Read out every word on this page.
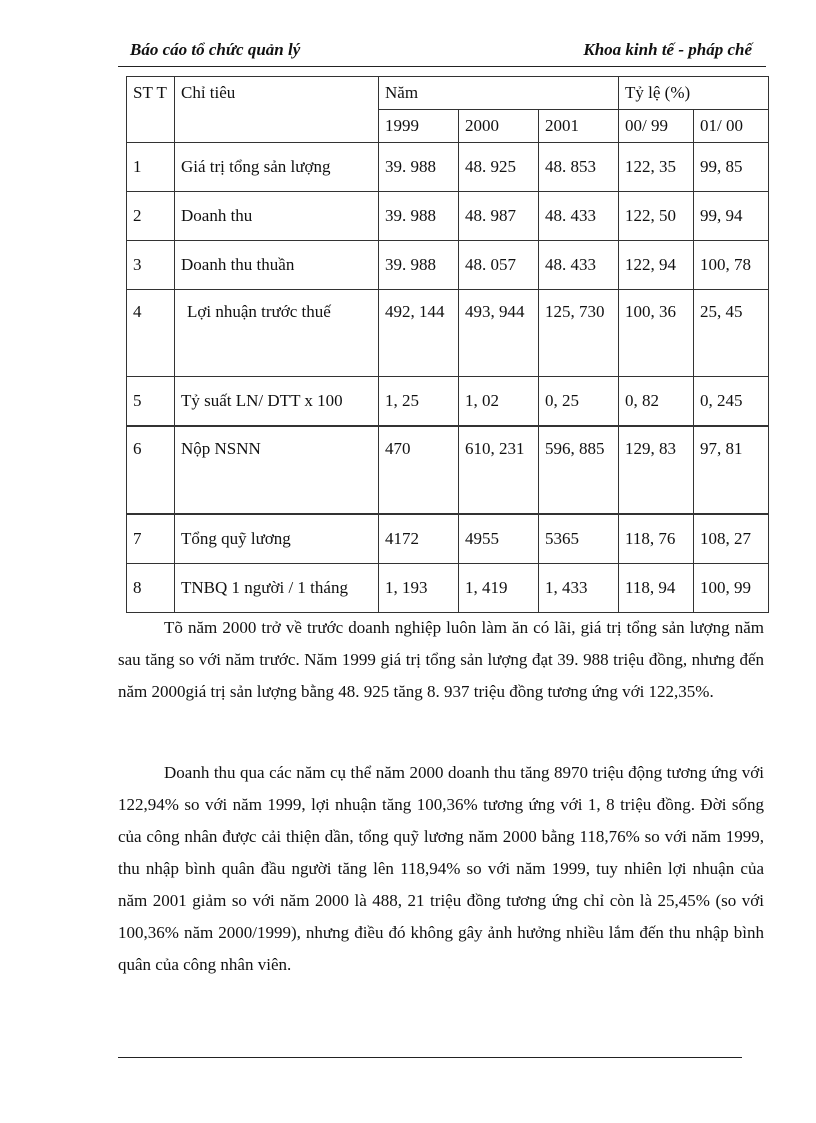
Báo cáo tổ chức quản lý	Khoa kinh tế - pháp chế
ST T	Chỉ tiêu	Năm			Tỷ lệ (%)	
		1999	2000	2001	00/ 99	01/ 00
1	Giá trị tổng sản lượng	39. 988	48. 925	48. 853	122, 35	99, 85
2	Doanh thu	39. 988	48. 987	48. 433	122, 50	99, 94
3	Doanh thu thuần	39. 988	48. 057	48. 433	122, 94	100, 78
4	Lợi nhuận trước thuế	492, 144	493, 944	125, 730	100, 36	25, 45
5	Tỷ suất LN/ DTT x 100	1, 25	1, 02	0, 25	0, 82	0, 245
6	Nộp NSNN	470	610, 231	596, 885	129, 83	97, 81
7	Tổng quỹ lương	4172	4955	5365	118, 76	108, 27
8	TNBQ 1 người / 1 tháng	1, 193	1, 419	1, 433	118, 94	100, 99

Tõ năm 2000 trở về trước doanh nghiệp luôn làm ăn có lãi, giá trị tổng sản lượng năm sau tăng so với năm trước. Năm 1999 giá trị tổng sản lượng đạt 39. 988 triệu đồng, nhưng đến năm 2000giá trị sản lượng bằng 48. 925 tăng 8. 937 triệu đồng tương ứng với 122,35%.

Doanh thu qua các năm cụ thể năm 2000 doanh thu tăng 8970 triệu động tương ứng với 122,94% so với năm 1999, lợi nhuận tăng 100,36% tương ứng với 1, 8 triệu đồng. Đời sống của công nhân được cải thiện dần, tổng quỹ lương năm 2000 bằng 118,76% so với năm 1999, thu nhập bình quân đầu người tăng lên 118,94% so với năm 1999, tuy nhiên lợi nhuận của năm 2001 giảm so với năm 2000 là 488, 21 triệu đồng tương ứng chỉ còn là 25,45% (so với 100,36% năm 2000/1999), nhưng điều đó không gây ảnh hưởng nhiều lắm đến thu nhập bình quân của công nhân viên.
